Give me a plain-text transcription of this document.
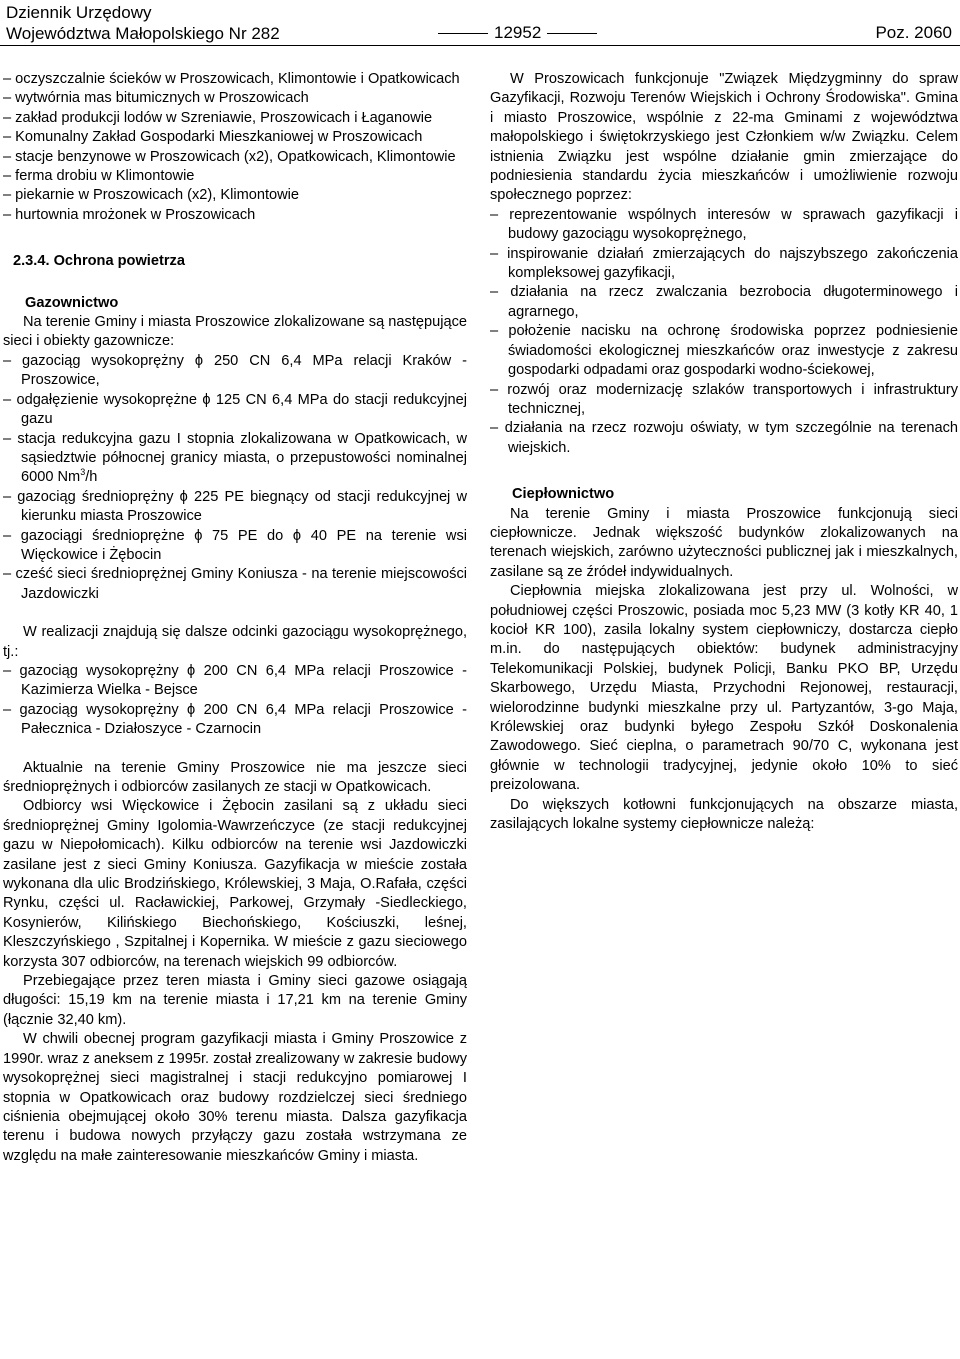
Dziennik Urzędowy
Województwa Małopolskiego Nr 282	12952	Poz. 2060

– oczyszczalnie ścieków w Proszowicach, Klimontowie i Opatkowicach

– wytwórnia mas bitumicznych w Proszowicach

– zakład produkcji lodów w Szreniawie, Proszowicach i Łaganowie

– Komunalny Zakład Gospodarki Mieszkaniowej w Proszowicach

– stacje benzynowe w Proszowicach (x2), Opatkowicach, Klimontowie

– ferma drobiu w Klimontowie

– piekarnie w Proszowicach (x2), Klimontowie

– hurtownia mrożonek w Proszowicach

2.3.4. Ochrona powietrza

Gazownictwo

Na terenie Gminy i miasta Proszowice zlokalizowane są następujące sieci i obiekty gazownicze:

– gazociąg wysokoprężny ϕ 250 CN 6,4 MPa relacji Kraków - Proszowice,

– odgałęzienie wysokoprężne ϕ 125 CN 6,4 MPa do stacji redukcyjnej gazu

– stacja redukcyjna gazu I stopnia zlokalizowana w Opatkowicach, w sąsiedztwie północnej granicy miasta, o przepustowości nominalnej 6000 Nm$^3$/h

– gazociąg średnioprężny ϕ 225 PE biegnący od stacji redukcyjnej w kierunku miasta Proszowice

– gazociągi średnioprężne ϕ 75 PE do ϕ 40 PE na terenie wsi Więckowice i Żębocin

– cześć sieci średnioprężnej Gminy Koniusza - na terenie miejscowości Jazdowiczki

W realizacji znajdują się dalsze odcinki gazociągu wysokoprężnego, tj.:

– gazociąg wysokoprężny ϕ 200 CN 6,4 MPa relacji Proszowice - Kazimierza Wielka - Bejsce

– gazociąg wysokoprężny ϕ 200 CN 6,4 MPa relacji Proszowice - Pałecznica - Działoszyce - Czarnocin

Aktualnie na terenie Gminy Proszowice nie ma jeszcze sieci średnioprężnych i odbiorców zasilanych ze stacji w Opatkowicach.

Odbiorcy wsi Więckowice i Żębocin zasilani są z układu sieci średnioprężnej Gminy Igolomia-Wawrzeńczyce (ze stacji redukcyjnej gazu w Niepołomicach). Kilku odbiorców na terenie wsi Jazdowiczki zasilane jest z sieci Gminy Koniusza. Gazyfikacja w mieście została wykonana dla ulic Brodzińskiego, Królewskiej, 3 Maja, O.Rafała, części Rynku, części ul. Racławickiej, Parkowej, Grzymały -Siedleckiego, Kosynierów, Kilińskiego Biechońskiego, Kościuszki, leśnej, Kleszczyńskiego , Szpitalnej i Kopernika. W mieście z gazu sieciowego korzysta 307 odbiorców, na terenach wiejskich 99 odbiorców.

Przebiegające przez teren miasta i Gminy sieci gazowe osiągają długości: 15,19 km na terenie miasta i 17,21 km na terenie Gminy (łącznie 32,40 km).

W chwili obecnej program gazyfikacji miasta i Gminy Proszowice z 1990r. wraz z aneksem z 1995r. został zrealizowany w zakresie budowy wysokoprężnej sieci magistralnej i stacji redukcyjno pomiarowej I stopnia w Opatkowicach oraz budowy rozdzielczej sieci średniego ciśnienia obejmującej około 30% terenu miasta. Dalsza gazyfikacja terenu i budowa nowych przyłączy gazu została wstrzymana ze względu na małe zainteresowanie mieszkańców Gminy i miasta.

W Proszowicach funkcjonuje "Związek Międzygminny do spraw Gazyfikacji, Rozwoju Terenów Wiejskich i Ochrony Środowiska". Gmina i miasto Proszowice, wspólnie z 22-ma Gminami z województwa małopolskiego i świętokrzyskiego jest Członkiem w/w Związku. Celem istnienia Związku jest wspólne działanie gmin zmierzające do podniesienia standardu życia mieszkańców i umożliwienie rozwoju społecznego poprzez:

– reprezentowanie wspólnych interesów w sprawach gazyfikacji i budowy gazociągu wysokoprężnego,

– inspirowanie działań zmierzających do najszybszego zakończenia kompleksowej gazyfikacji,

– działania na rzecz zwalczania bezrobocia długoterminowego i agrarnego,

– położenie nacisku na ochronę środowiska poprzez podniesienie świadomości ekologicznej mieszkańców oraz inwestycje z zakresu gospodarki odpadami oraz gospodarki wodno-ściekowej,

– rozwój oraz modernizację szlaków transportowych i infrastruktury technicznej,

– działania na rzecz rozwoju oświaty, w tym szczególnie na terenach wiejskich.

Ciepłownictwo

Na terenie Gminy i miasta Proszowice funkcjonują sieci ciepłownicze. Jednak większość budynków zlokalizowanych na terenach wiejskich, zarówno użyteczności publicznej jak i mieszkalnych, zasilane są ze źródeł indywidualnych.

Ciepłownia miejska zlokalizowana jest przy ul. Wolności, w południowej części Proszowic, posiada moc 5,23 MW (3 kotły KR 40, 1 kocioł KR 100), zasila lokalny system ciepłowniczy, dostarcza ciepło m.in. do następujących obiektów: budynek administracyjny Telekomunikacji Polskiej, budynek Policji, Banku PKO BP, Urzędu Skarbowego, Urzędu Miasta, Przychodni Rejonowej, restauracji, wielorodzinne budynki mieszkalne przy ul. Partyzantów, 3-go Maja, Królewskiej oraz budynki byłego Zespołu Szkół Doskonalenia Zawodowego. Sieć cieplna, o parametrach 90/70 C, wykonana jest głównie w technologii tradycyjnej, jedynie około 10% to sieć preizolowana.

Do większych kotłowni funkcjonujących na obszarze miasta, zasilających lokalne systemy ciepłownicze należą:
